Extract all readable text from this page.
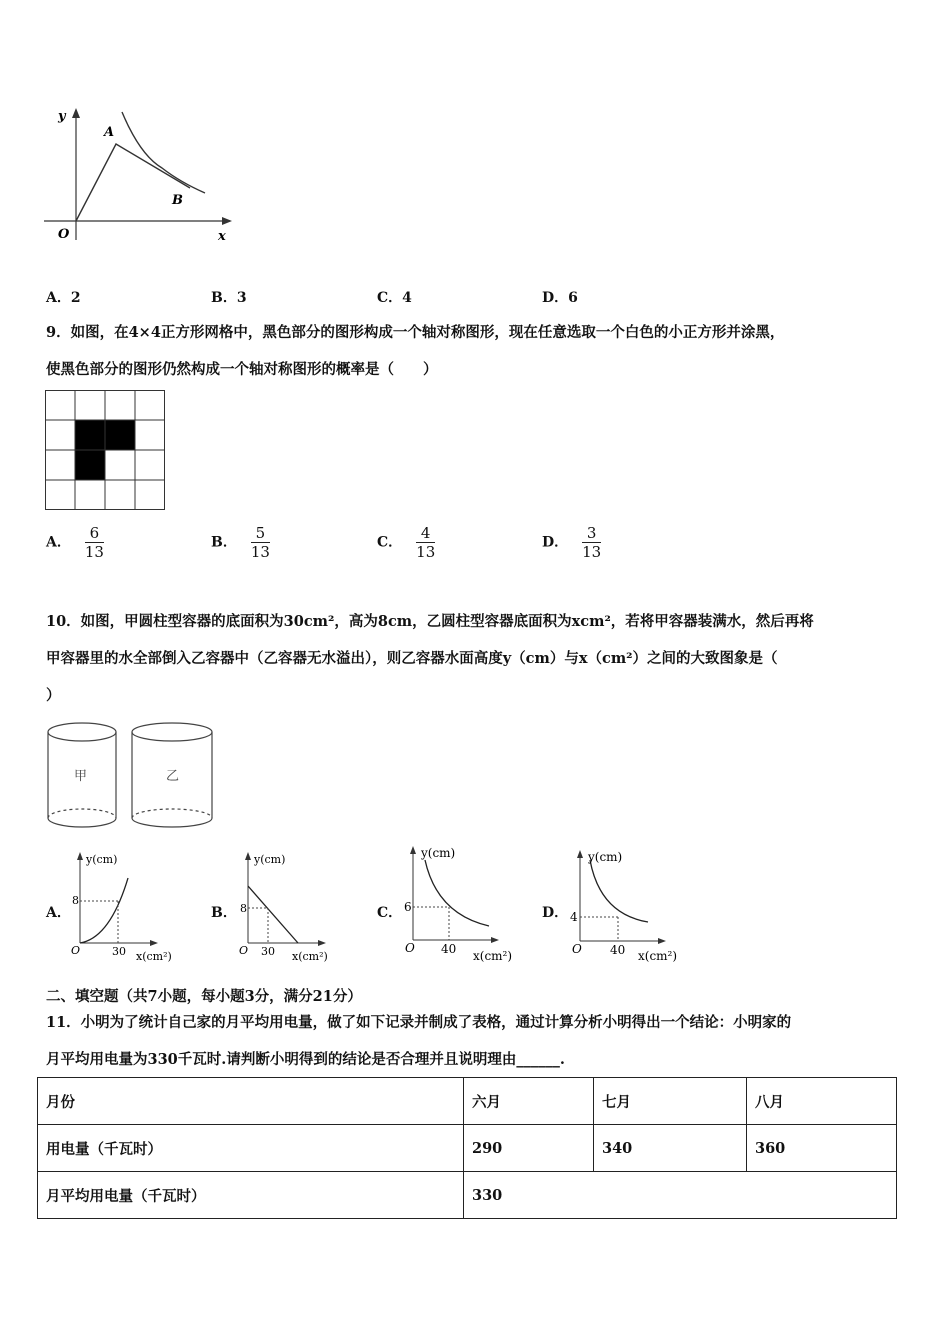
y
x
O
A
B
A．2	B．3	C．4	D．6
9．如图，在4×4正方形网格中，黑色部分的图形构成一个轴对称图形，现在任意选取一个白色的小正方形并涂黑，
使黑色部分的图形仍然构成一个轴对称图形的概率是（　　）
A． $\frac{6}{13}$	B． $\frac{5}{13}$	C． $\frac{4}{13}$	D． $\frac{3}{13}$
10．如图，甲圆柱型容器的底面积为30cm²，高为8cm，乙圆柱型容器底面积为xcm²，若将甲容器装满水，然后再将
甲容器里的水全部倒入乙容器中（乙容器无水溢出），则乙容器水面高度y（cm）与x（cm²）之间的大致图象是（
）
甲	乙
A．
y(cm)
x(cm²)
O
8
30
B．
y(cm)
x(cm²)
O
8
30
C．
y(cm)
x(cm²)
O
6
40
D．
y(cm)
x(cm²)
O
4
40
二、填空题（共7小题，每小题3分，满分21分）
11．小明为了统计自己家的月平均用电量，做了如下记录并制成了表格，通过计算分析小明得出一个结论：小明家的
月平均用电量为330千瓦时.请判断小明得到的结论是否合理并且说明理由______.
月份	六月	七月	八月
用电量（千瓦时）	290	340	360
月平均用电量（千瓦时）	330		
